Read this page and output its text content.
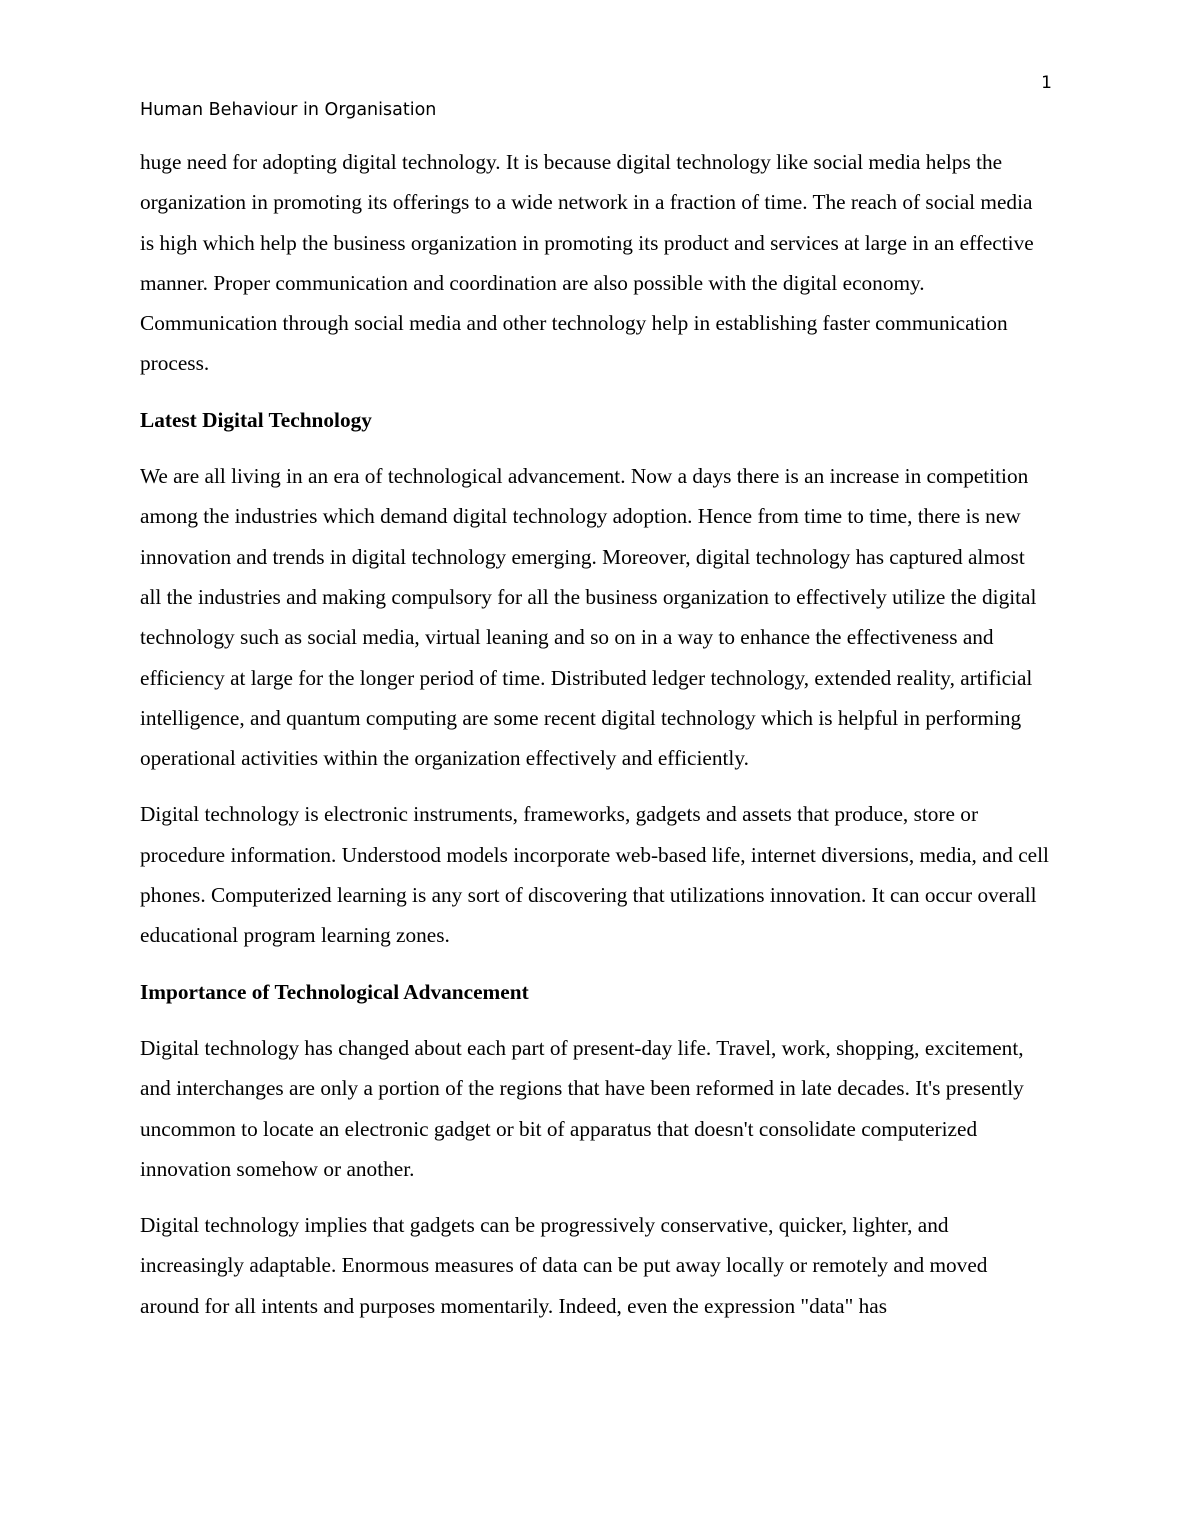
1
Human Behaviour in Organisation

huge need for adopting digital technology. It is because digital technology like social media helps the organization in promoting its offerings to a wide network in a fraction of time. The reach of social media is high which help the business organization in promoting its product and services at large in an effective manner. Proper communication and coordination are also possible with the digital economy. Communication through social media and other technology help in establishing faster communication process.

Latest Digital Technology

We are all living in an era of technological advancement. Now a days there is an increase in competition among the industries which demand digital technology adoption. Hence from time to time, there is new innovation and trends in digital technology emerging. Moreover, digital technology has captured almost all the industries and making compulsory for all the business organization to effectively utilize the digital technology such as social media, virtual leaning and so on in a way to enhance the effectiveness and efficiency at large for the longer period of time. Distributed ledger technology, extended reality, artificial intelligence, and quantum computing are some recent digital technology which is helpful in performing operational activities within the organization effectively and efficiently.

Digital technology is electronic instruments, frameworks, gadgets and assets that produce, store or procedure information. Understood models incorporate web-based life, internet diversions, media, and cell phones. Computerized learning is any sort of discovering that utilizations innovation. It can occur overall educational program learning zones.

Importance of Technological Advancement

Digital technology has changed about each part of present-day life. Travel, work, shopping, excitement, and interchanges are only a portion of the regions that have been reformed in late decades. It's presently uncommon to locate an electronic gadget or bit of apparatus that doesn't consolidate computerized innovation somehow or another.

Digital technology implies that gadgets can be progressively conservative, quicker, lighter, and increasingly adaptable. Enormous measures of data can be put away locally or remotely and moved around for all intents and purposes momentarily. Indeed, even the expression "data" has
